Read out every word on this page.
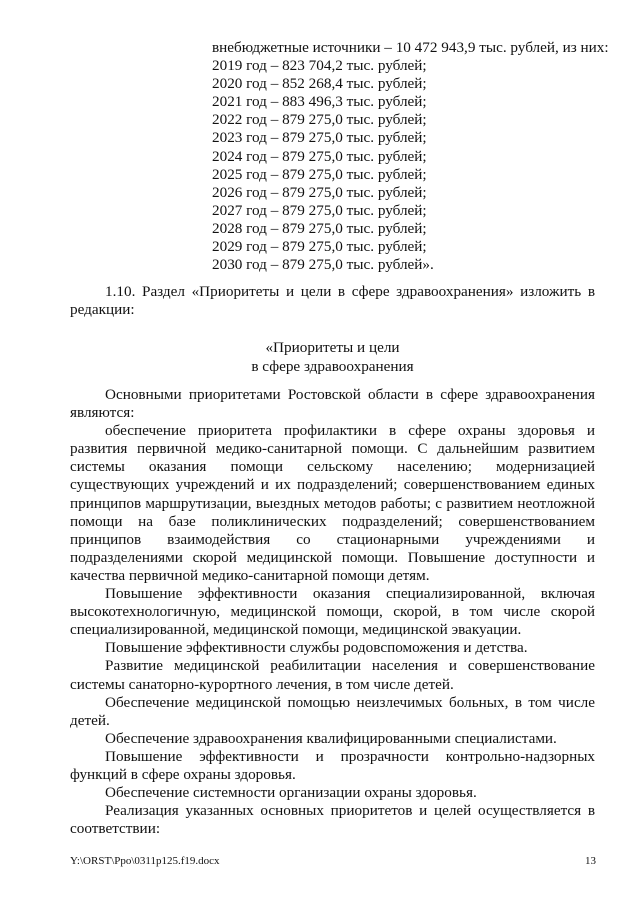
внебюджетные источники – 10 472 943,9 тыс. рублей, из них:
2019 год – 823 704,2 тыс. рублей;
2020 год – 852 268,4 тыс. рублей;
2021 год – 883 496,3 тыс. рублей;
2022 год – 879 275,0 тыс. рублей;
2023 год – 879 275,0 тыс. рублей;
2024 год – 879 275,0 тыс. рублей;
2025 год – 879 275,0 тыс. рублей;
2026 год – 879 275,0 тыс. рублей;
2027 год – 879 275,0 тыс. рублей;
2028 год – 879 275,0 тыс. рублей;
2029 год – 879 275,0 тыс. рублей;
2030 год – 879 275,0 тыс. рублей».

1.10. Раздел «Приоритеты и цели в сфере здравоохранения» изложить в редакции:

«Приоритеты и цели
в сфере здравоохранения

Основными приоритетами Ростовской области в сфере здравоохранения являются:

обеспечение приоритета профилактики в сфере охраны здоровья и развития первичной медико-санитарной помощи. С дальнейшим развитием системы оказания помощи сельскому населению; модернизацией существующих учреждений и их подразделений; совершенствованием единых принципов маршрутизации, выездных методов работы; с развитием неотложной помощи на базе поликлинических подразделений; совершенствованием принципов взаимодействия со стационарными учреждениями и подразделениями скорой медицинской помощи. Повышение доступности и качества первичной медико-санитарной помощи детям.

Повышение эффективности оказания специализированной, включая высокотехнологичную, медицинской помощи, скорой, в том числе скорой специализированной, медицинской помощи, медицинской эвакуации.

Повышение эффективности службы родовспоможения и детства.

Развитие медицинской реабилитации населения и совершенствование системы санаторно-курортного лечения, в том числе детей.

Обеспечение медицинской помощью неизлечимых больных, в том числе детей.

Обеспечение здравоохранения квалифицированными специалистами.

Повышение эффективности и прозрачности контрольно-надзорных функций в сфере охраны здоровья.

Обеспечение системности организации охраны здоровья.

Реализация указанных основных приоритетов и целей осуществляется в соответствии:

Y:\ORST\Ppo\0311p125.f19.docx	13
